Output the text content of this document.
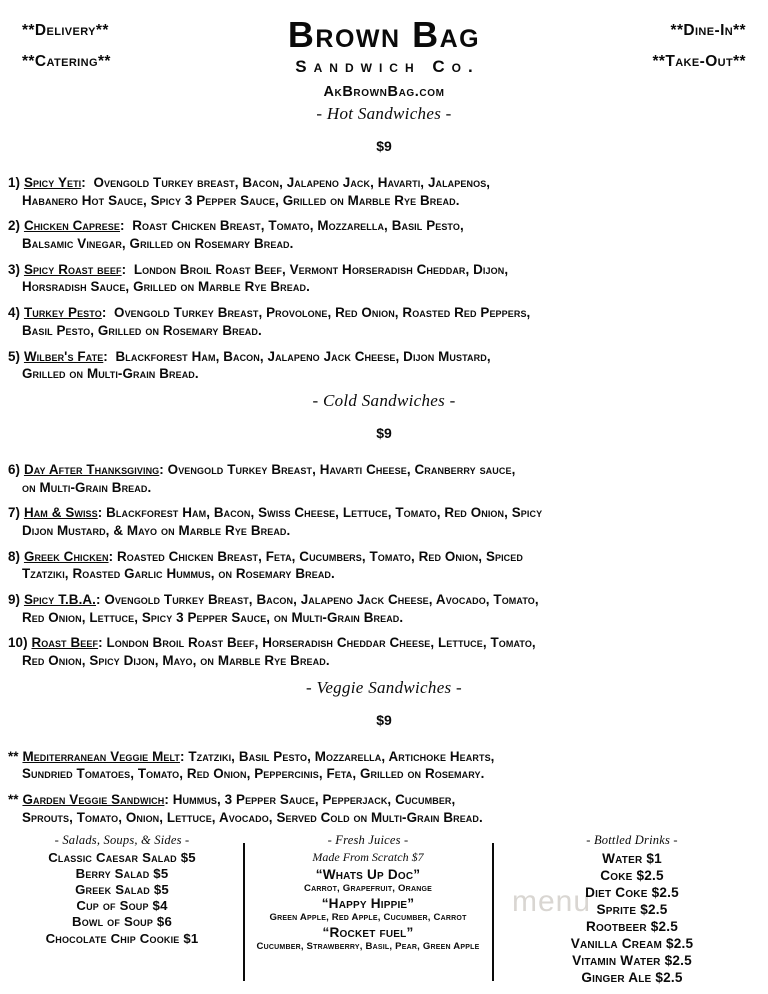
menu
**Delivery**
**Catering**
**Dine-In**
**Take-Out**
Brown Bag
Sandwich Co.
AkBrownBag.com
- Hot Sandwiches -
$9
1) Spicy Yeti: Ovengold Turkey breast, Bacon, Jalapeno Jack, Havarti, Jalapenos,
Habanero Hot Sauce, Spicy 3 Pepper Sauce, Grilled on Marble Rye Bread.
2) Chicken Caprese: Roast Chicken Breast, Tomato, Mozzarella, Basil Pesto,
Balsamic Vinegar, Grilled on Rosemary Bread.
3) Spicy Roast beef: London Broil Roast Beef, Vermont Horseradish Cheddar, Dijon,
Horsradish Sauce, Grilled on Marble Rye Bread.
4) Turkey Pesto: Ovengold Turkey Breast, Provolone, Red Onion, Roasted Red Peppers,
Basil Pesto, Grilled on Rosemary Bread.
5) Wilber's Fate: Blackforest Ham, Bacon, Jalapeno Jack Cheese, Dijon Mustard,
Grilled on Multi-Grain Bread.
- Cold Sandwiches -
$9
6) Day After Thanksgiving: Ovengold Turkey Breast, Havarti Cheese, Cranberry sauce,
on Multi-Grain Bread.
7) Ham & Swiss: Blackforest Ham, Bacon, Swiss Cheese, Lettuce, Tomato, Red Onion, Spicy
Dijon Mustard, & Mayo on Marble Rye Bread.
8) Greek Chicken: Roasted Chicken Breast, Feta, Cucumbers, Tomato, Red Onion, Spiced
Tzatziki, Roasted Garlic Hummus, on Rosemary Bread.
9) Spicy T.B.A.: Ovengold Turkey Breast, Bacon, Jalapeno Jack Cheese, Avocado, Tomato,
Red Onion, Lettuce, Spicy 3 Pepper Sauce, on Multi-Grain Bread.
10) Roast Beef: London Broil Roast Beef, Horseradish Cheddar Cheese, Lettuce, Tomato,
Red Onion, Spicy Dijon, Mayo, on Marble Rye Bread.
- Veggie Sandwiches -
$9
** Mediterranean Veggie Melt: Tzatziki, Basil Pesto, Mozzarella, Artichoke Hearts,
Sundried Tomatoes, Tomato, Red Onion, Peppercinis, Feta, Grilled on Rosemary.
** Garden Veggie Sandwich: Hummus, 3 Pepper Sauce, Pepperjack, Cucumber,
Sprouts, Tomato, Onion, Lettuce, Avocado, Served Cold on Multi-Grain Bread.
- Salads, Soups, & Sides -
Classic Caesar Salad $5
Berry Salad $5
Greek Salad $5
Cup of Soup $4
Bowl of Soup $6
Chocolate Chip Cookie $1
- Fresh Juices -
Made From Scratch $7
“Whats Up Doc”
Carrot, Grapefruit, Orange
“Happy Hippie”
Green Apple, Red Apple, Cucumber, Carrot
“Rocket fuel”
Cucumber, Strawberry, Basil, Pear, Green Apple
- Bottled Drinks -
Water $1
Coke $2.5
Diet Coke $2.5
Sprite $2.5
Rootbeer $2.5
Vanilla Cream $2.5
Vitamin Water $2.5
Ginger Ale $2.5
